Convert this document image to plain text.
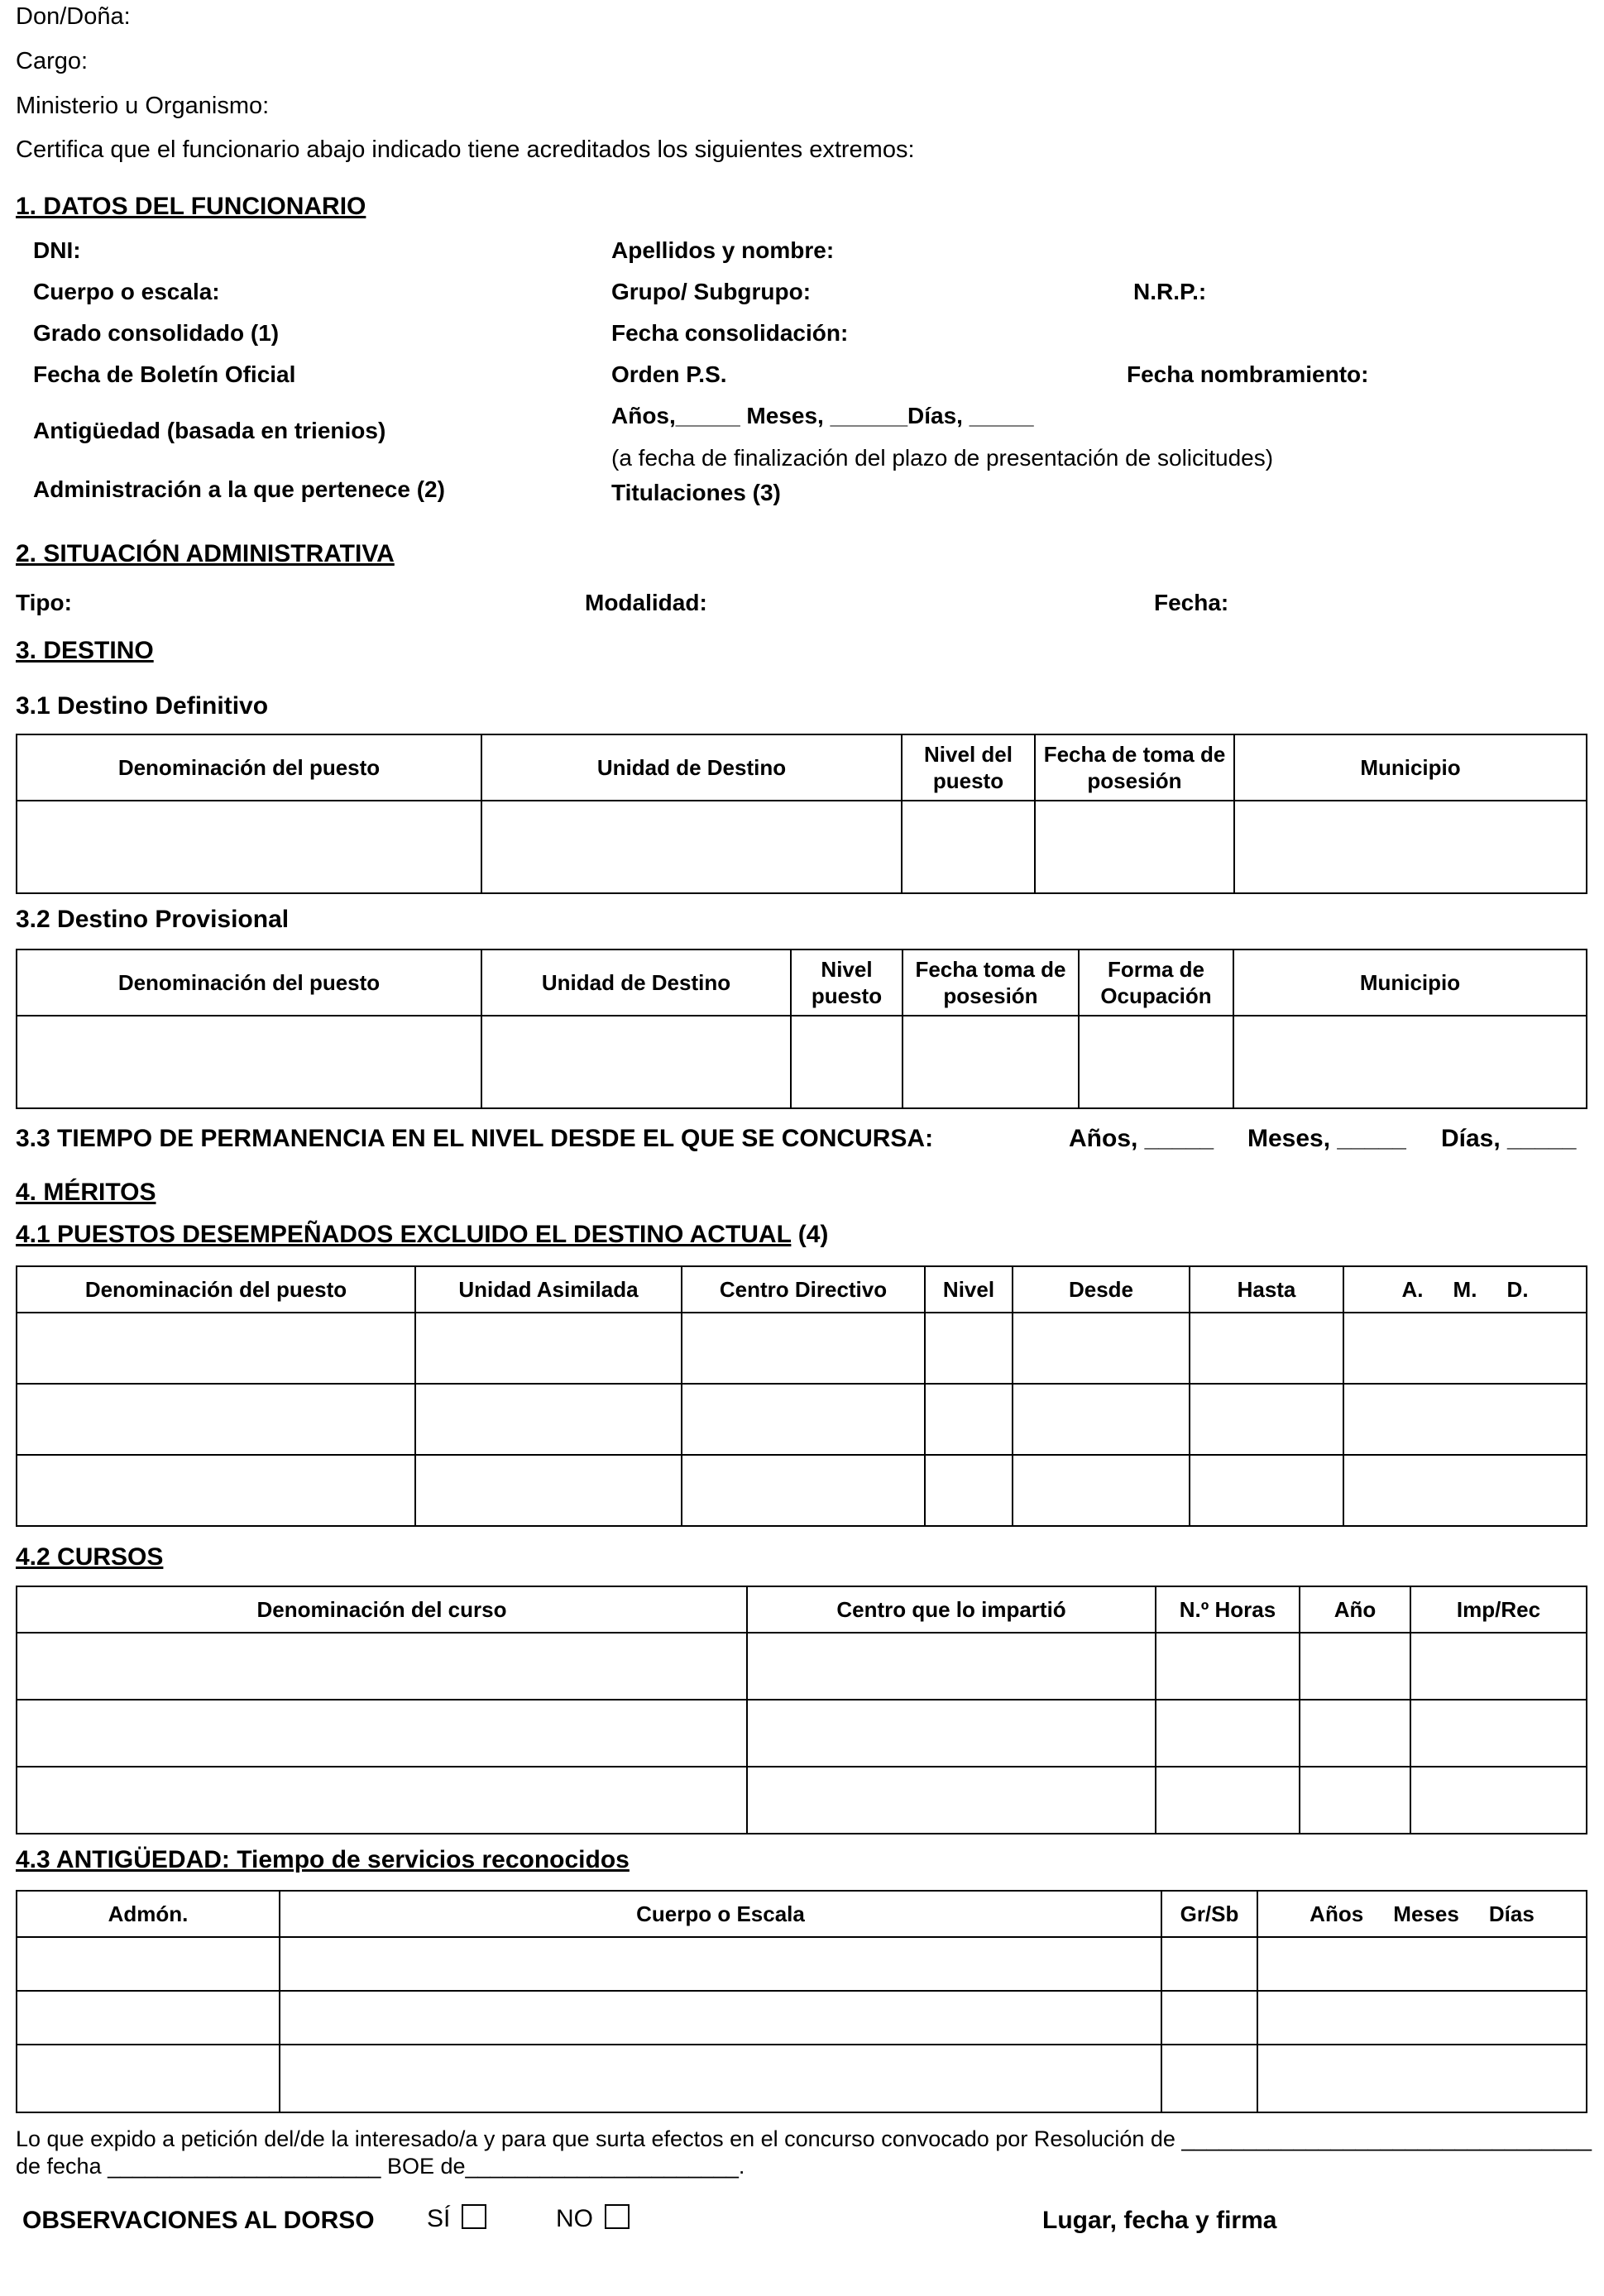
Don/Doña:
Cargo:
Ministerio u Organismo:
Certifica que el funcionario abajo indicado tiene acreditados los siguientes extremos:
1. DATOS DEL FUNCIONARIO
DNI:	Apellidos y nombre:
Cuerpo o escala:	Grupo/ Subgrupo:	N.R.P.:
Grado consolidado (1)	Fecha consolidación:
Fecha de Boletín Oficial	Orden P.S.	Fecha nombramiento:
Antigüedad (basada en trienios)
Años,_____ Meses, ______Días, _____
(a fecha de finalización del plazo de presentación de solicitudes)
Administración a la que pertenece (2)	Titulaciones (3)
2. SITUACIÓN ADMINISTRATIVA
Tipo:	Modalidad:	Fecha:
3. DESTINO
3.1 Destino Definitivo
Denominación del puesto	Unidad de Destino	Nivel del puesto	Fecha de toma de posesión	Municipio

3.2 Destino Provisional
Denominación del puesto	Unidad de Destino	Nivel puesto	Fecha toma de posesión	Forma de Ocupación	Municipio

3.3 TIEMPO DE PERMANENCIA EN EL NIVEL DESDE EL QUE SE CONCURSA:	Años, _____ Meses, _____ Días, _____
4. MÉRITOS
4.1 PUESTOS DESEMPEÑADOS EXCLUIDO EL DESTINO ACTUAL (4)
Denominación del puesto	Unidad Asimilada	Centro Directivo	Nivel	Desde	Hasta	A.     M.     D.

4.2 CURSOS
Denominación del curso	Centro que lo impartió	N.º Horas	Año	Imp/Rec

4.3 ANTIGÜEDAD: Tiempo de servicios reconocidos
Admón.	Cuerpo o Escala	Gr/Sb	Años     Meses     Días

Lo que expido a petición del/de la interesado/a y para que surta efectos en el concurso convocado por Resolución de _________________________________
de fecha ______________________ BOE de______________________.
OBSERVACIONES AL DORSO SÍ	NO	Lugar, fecha y firma
